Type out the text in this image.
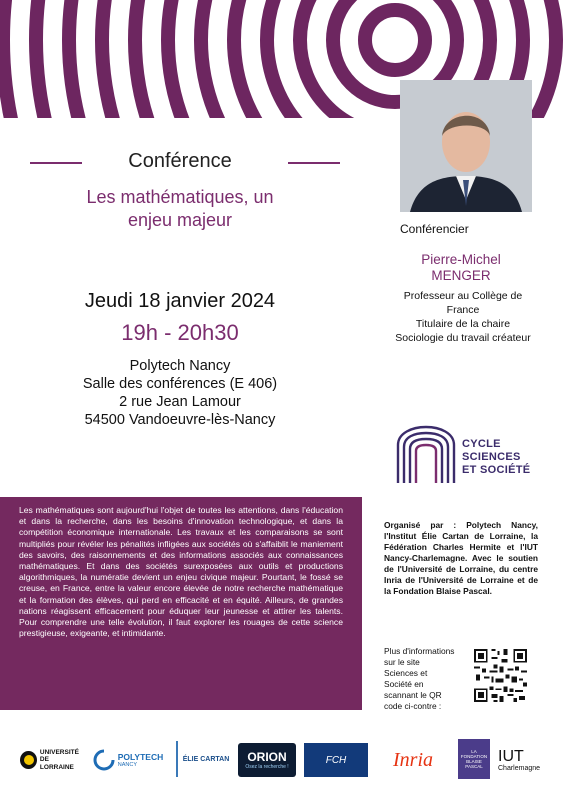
Conférence
Les mathématiques, un
enjeu majeur
Jeudi 18 janvier 2024
19h - 20h30
Polytech Nancy
Salle des conférences (E 406)
2 rue Jean Lamour
54500 Vandoeuvre-lès-Nancy
Conférencier
Pierre-Michel
MENGER
Professeur au Collège de
France
Titulaire de la chaire
Sociologie du travail créateur
CYCLE
SCIENCES
ET SOCIÉTÉ

Les mathématiques sont aujourd'hui l'objet de toutes les attentions, dans l'éducation et dans la recherche, dans les besoins d'innovation technologique, et dans la compétition économique internationale. Les travaux et les comparaisons se sont multipliés pour révéler les pénalités infligées aux sociétés où s'affaiblit le maniement des savoirs, des raisonnements et des informations associés aux connaissances mathématiques. Et dans des sociétés surexposées aux outils et productions algorithmiques, la numératie devient un enjeu civique majeur. Pourtant, le fossé se creuse, en France, entre la valeur encore élevée de notre recherche mathématique et la formation des élèves, qui perd en efficacité et en équité. Ailleurs, de grandes nations réagissent efficacement pour éduquer leur jeunesse et attirer les talents. Pour comprendre une telle évolution, il faut explorer les rouages de cette science prestigieuse, exigeante, et intimidante.

Organisé par : Polytech Nancy, l'Institut Élie Cartan de Lorraine, la Fédération Charles Hermite et l'IUT Nancy-Charlemagne. Avec le soutien de l'Université de Lorraine, du centre Inria de l'Université de Lorraine et de la Fondation Blaise Pascal.
Plus d'informations sur le site Sciences et Société en scannant le QR code ci-contre :
UNIVERSITÉ
DE LORRAINE
POLYTECH
NANCY
ÉLIE CARTAN ORION
Osez la recherche !
FCH Inria	LA FONDATION BLAISE PASCAL
IUT
Charlemagne
